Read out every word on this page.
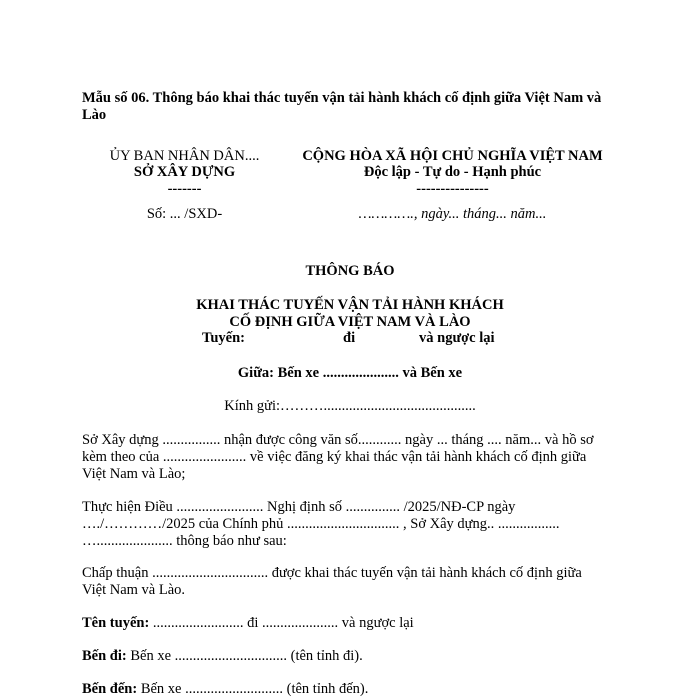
Mẫu số 06. Thông báo khai thác tuyến vận tải hành khách cố định giữa Việt Nam và
Lào
ỦY BAN NHÂN DÂN....
SỞ XÂY DỰNG
-------
Số: ... /SXD-
CỘNG HÒA XÃ HỘI CHỦ NGHĨA VIỆT NAM
Độc lập - Tự do - Hạnh phúc
---------------
…………., ngày... tháng... năm...
THÔNG BÁO
KHAI THÁC TUYẾN VẬN TẢI HÀNH KHÁCH
CỐ ĐỊNH GIỮA VIỆT NAM VÀ LÀO
Tuyến:	đi	và ngược lại
Giữa: Bến xe ..................... và Bến xe
Kính gửi:………..........................................
Sở Xây dựng ................ nhận được công văn số............ ngày ... tháng .... năm... và hồ sơ
kèm theo của ....................... về việc đăng ký khai thác vận tải hành khách cố định giữa
Việt Nam và Lào;
Thực hiện Điều ........................ Nghị định số ............... /2025/NĐ-CP ngày
…./…………/2025 của Chính phủ ............................... , Sở Xây dựng.. .................
…..................... thông báo như sau:
Chấp thuận ................................ được khai thác tuyến vận tải hành khách cố định giữa
Việt Nam và Lào.
Tên tuyến: ......................... đi ..................... và ngược lại
Bến đi: Bến xe ............................... (tên tỉnh đi).
Bến đến: Bến xe ........................... (tên tỉnh đến).
